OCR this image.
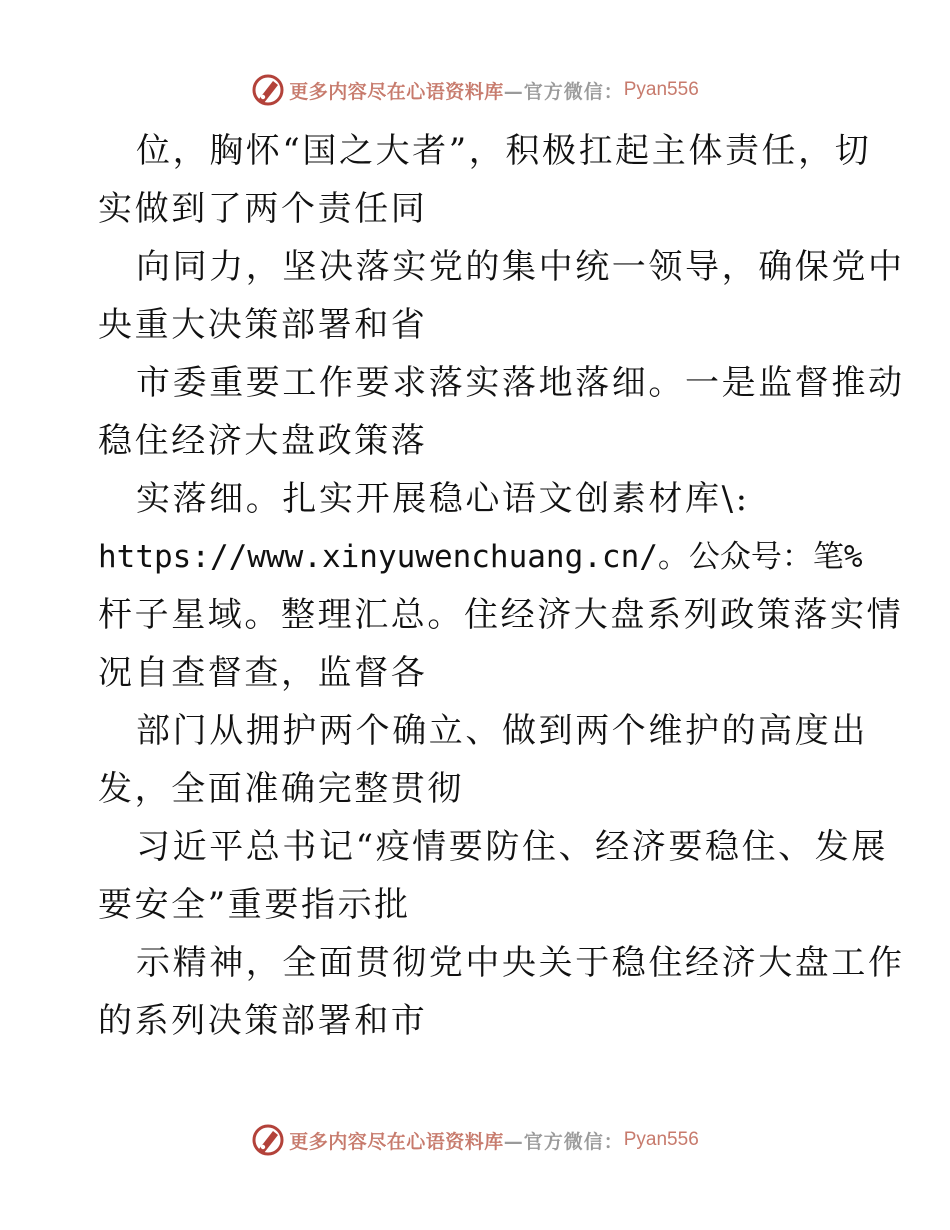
更多内容尽在心语资料库 —官方微信： Pyan556
位，胸怀“国之大者”，积极扛起主体责任，切
实做到了两个责任同
向同力，坚决落实党的集中统一领导，确保党中
央重大决策部署和省
市委重要工作要求落实落地落细。一是监督推动
稳住经济大盘政策落
实落细。扎实开展稳心语文创素材库\:
https://www.xinyuwenchuang.cn/。公众号：笔%
杆子星域。整理汇总。住经济大盘系列政策落实情
况自查督查，监督各
部门从拥护两个确立、做到两个维护的高度出
发，全面准确完整贯彻
习近平总书记“疫情要防住、经济要稳住、发展
要安全”重要指示批
示精神，全面贯彻党中央关于稳住经济大盘工作
的系列决策部署和市
更多内容尽在心语资料库 —官方微信： Pyan556
